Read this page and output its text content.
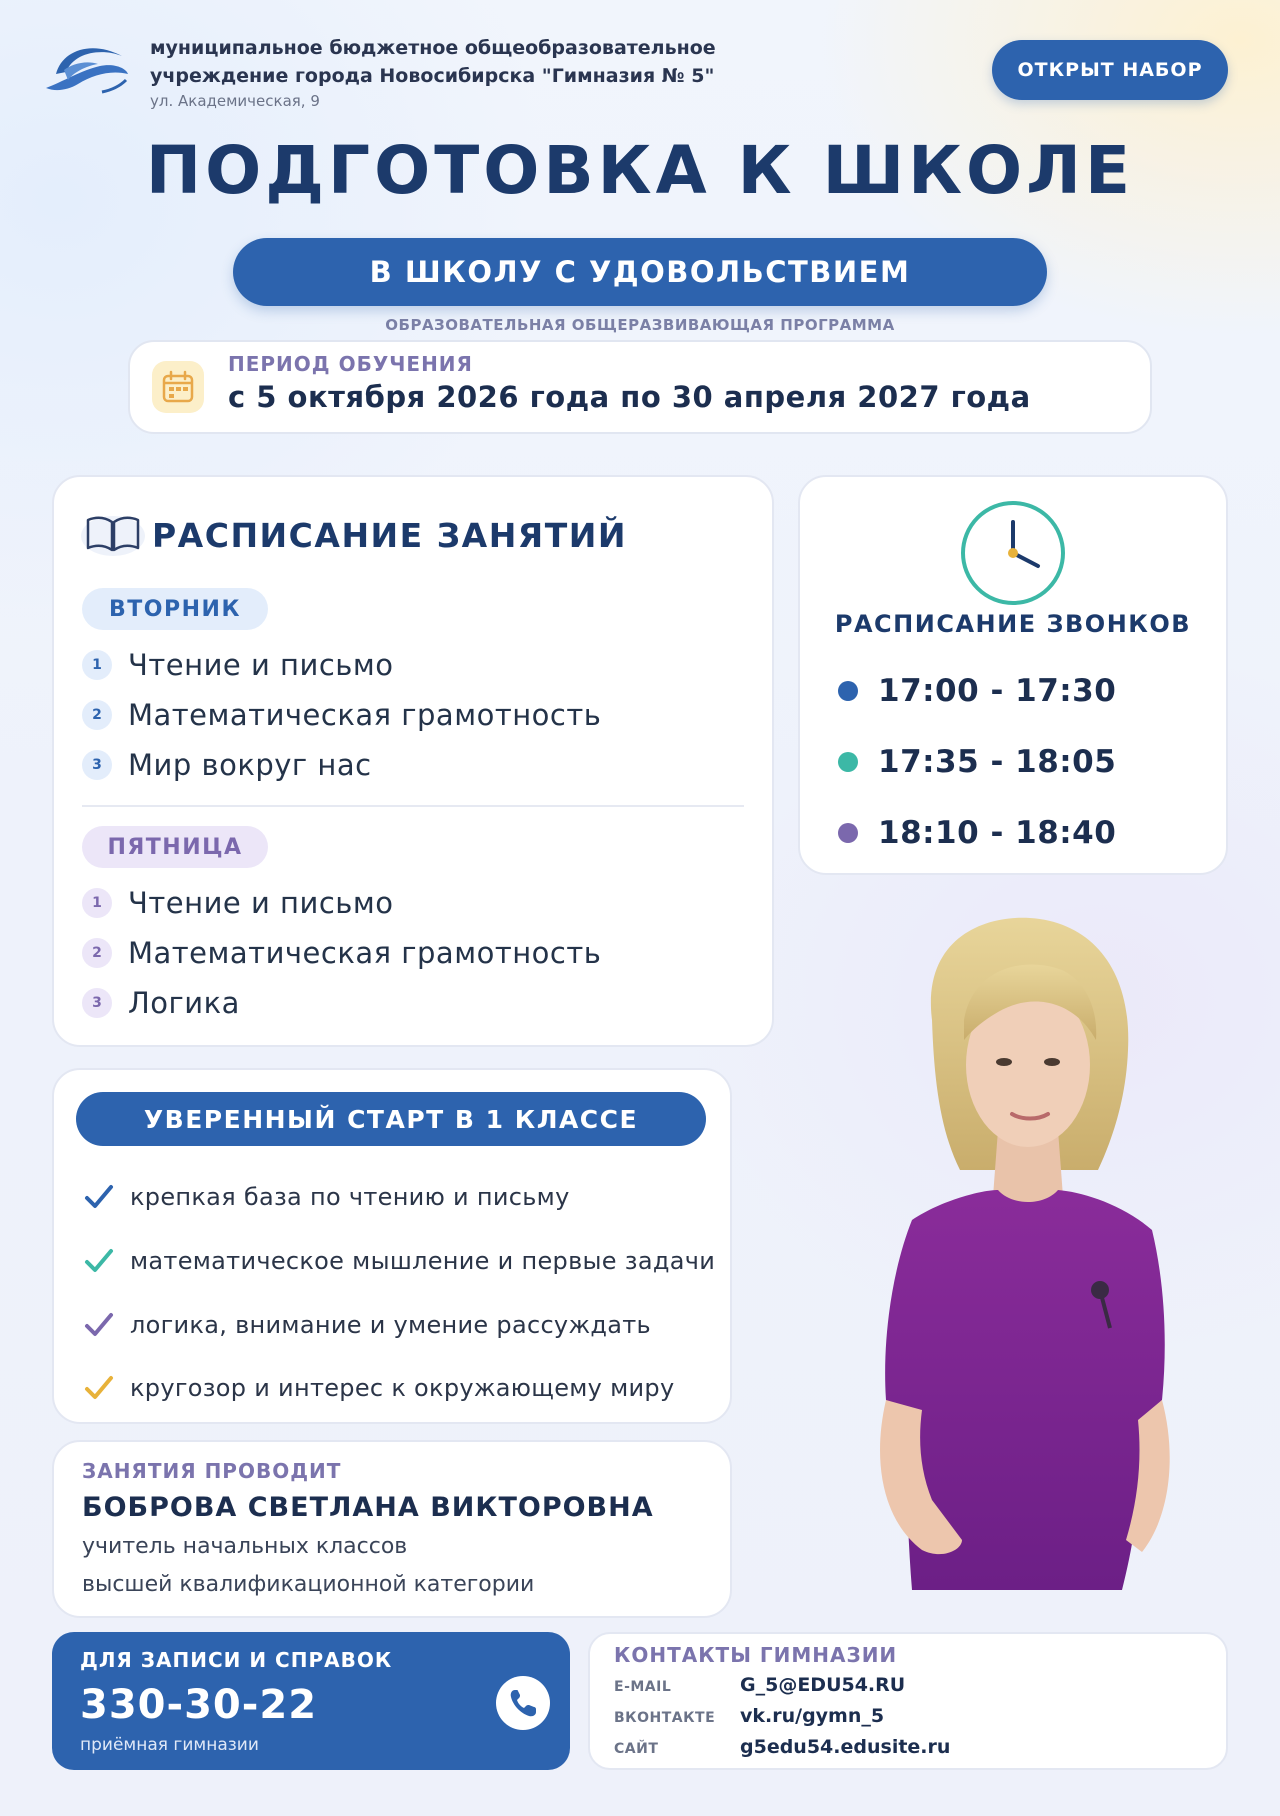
муниципальное бюджетное общеобразовательное
учреждение города Новосибирска "Гимназия № 5"
ул. Академическая, 9
ОТКРЫТ НАБОР
ПОДГОТОВКА К ШКОЛЕ
В ШКОЛУ С УДОВОЛЬСТВИЕМ
ОБРАЗОВАТЕЛЬНАЯ ОБЩЕРАЗВИВАЮЩАЯ ПРОГРАММА
ПЕРИОД ОБУЧЕНИЯ
с 5 октября 2026 года по 30 апреля 2027 года
РАСПИСАНИЕ ЗАНЯТИЙ
ВТОРНИК
1 Чтение и письмо
2 Математическая грамотность
3 Мир вокруг нас
ПЯТНИЦА
1 Чтение и письмо
2 Математическая грамотность
3 Логика
РАСПИСАНИЕ ЗВОНКОВ
17:00 - 17:30
17:35 - 18:05
18:10 - 18:40
УВЕРЕННЫЙ СТАРТ В 1 КЛАССЕ
крепкая база по чтению и письму
математическое мышление и первые задачи
логика, внимание и умение рассуждать
кругозор и интерес к окружающему миру
ЗАНЯТИЯ ПРОВОДИТ
БОБРОВА СВЕТЛАНА ВИКТОРОВНА
учитель начальных классов
высшей квалификационной категории
ДЛЯ ЗАПИСИ И СПРАВОК
330-30-22
приёмная гимназии
КОНТАКТЫ ГИМНАЗИИ
E-MAIL	G_5@EDU54.RU
ВКОНТАКТЕ vk.ru/gymn_5
САЙТ	g5edu54.edusite.ru
